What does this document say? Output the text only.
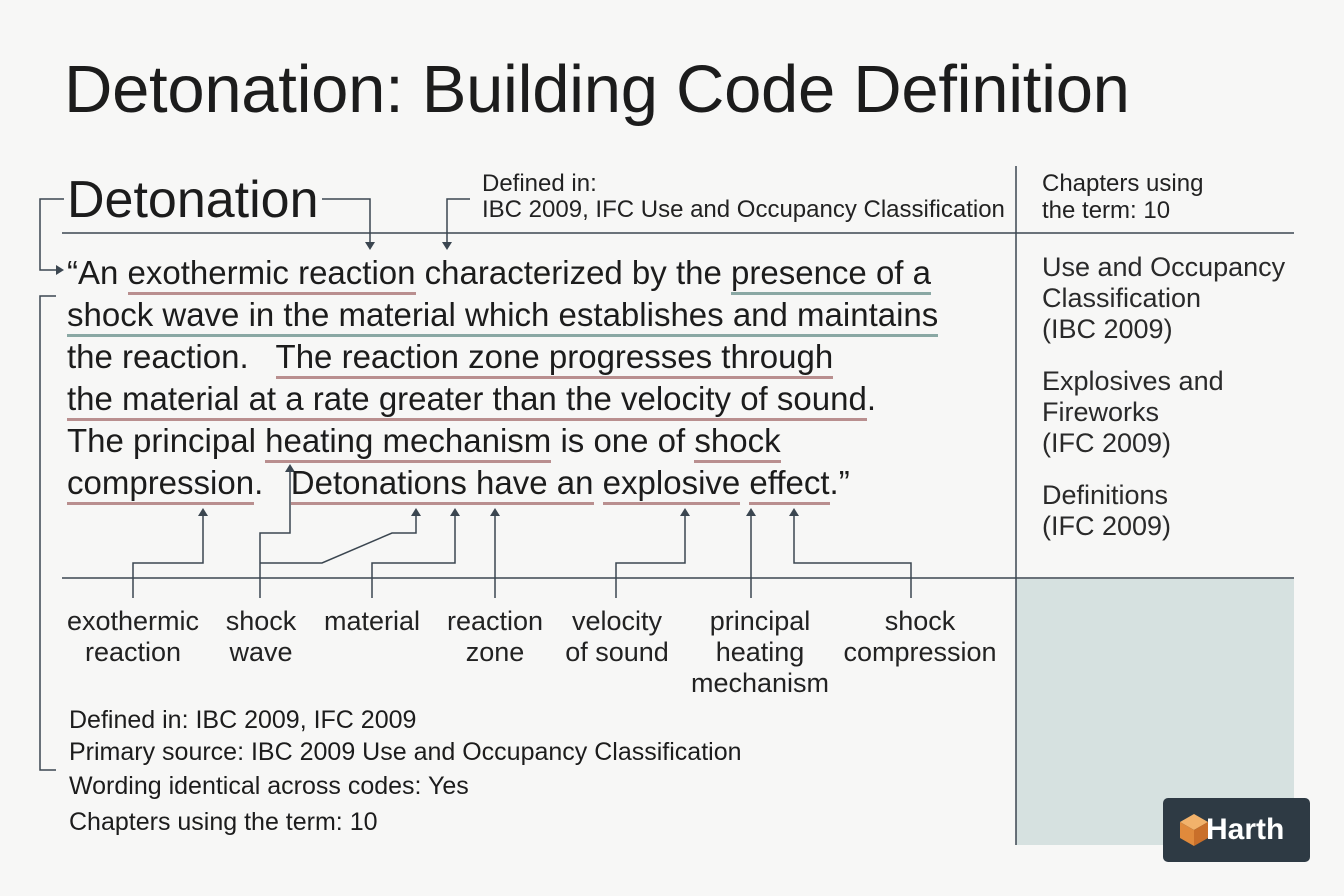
Detonation: Building Code Definition
Detonation	Defined in:
IBC 2009, IFC Use and Occupancy Classification
Chapters using
the term: 10
Use and Occupancy
Classification
(IBC 2009)
Explosives and
Fireworks
(IFC 2009)
Definitions
(IFC 2009)
“An exothermic reaction characterized by the presence of a
shock wave in the material which establishes and maintains
the reaction. The reaction zone progresses through
the material at a rate greater than the velocity of sound.
The principal heating mechanism is one of shock
compression. Detonations have an explosive effect.”
exothermic
reaction
shock
wave
material reaction
zone
velocity
of sound
principal
heating
mechanism
shock
compression
Defined in: IBC 2009, IFC 2009
Primary source: IBC 2009 Use and Occupancy Classification
Wording identical across codes: Yes
Chapters using the term: 10	Harth
